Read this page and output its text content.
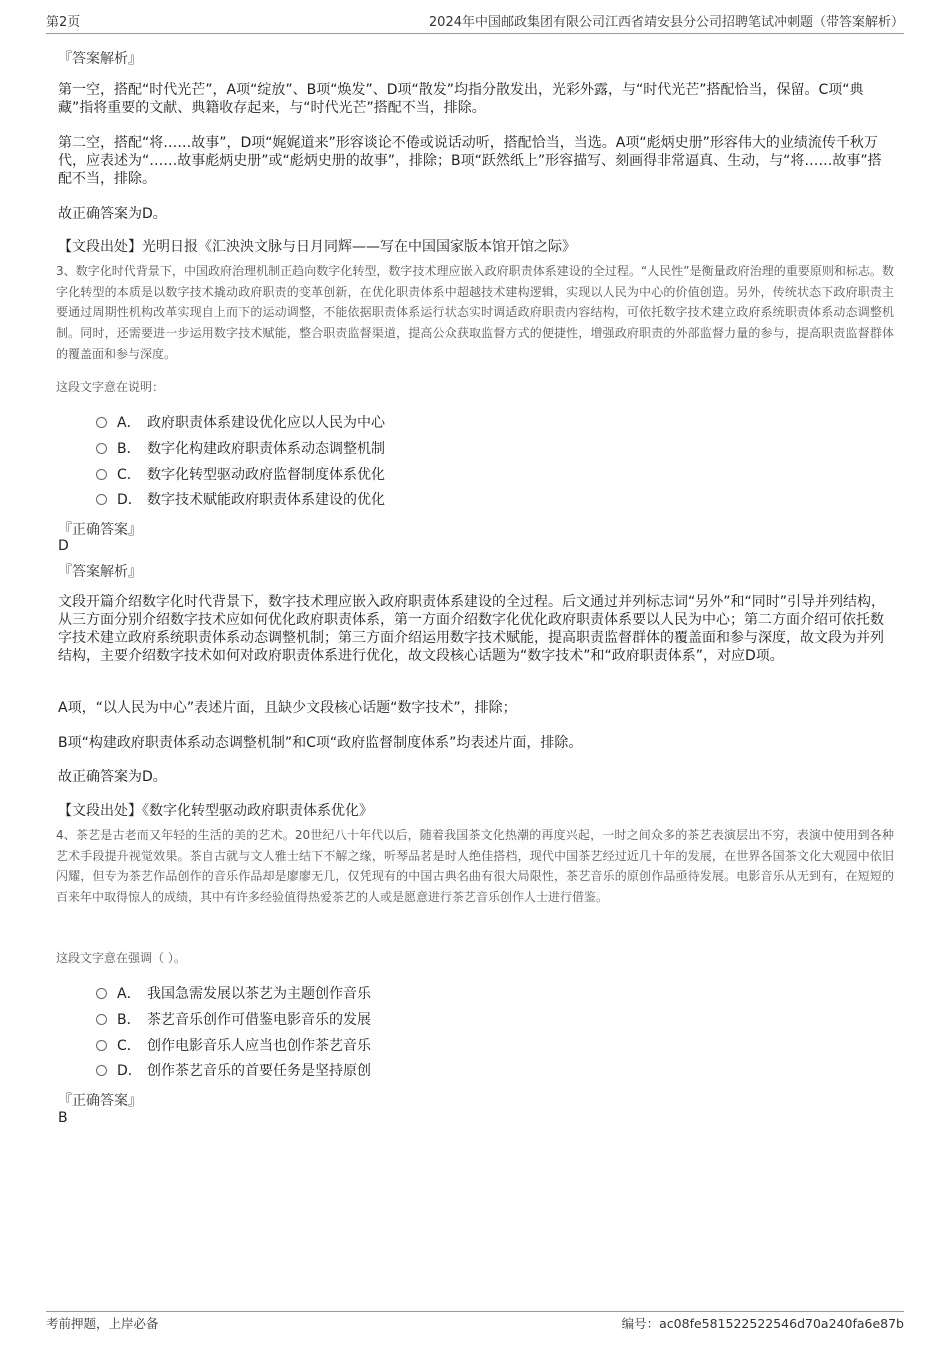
第2页	2024年中国邮政集团有限公司江西省靖安县分公司招聘笔试冲刺题（带答案解析）
『答案解析』
第一空，搭配“时代光芒”，A项“绽放”、B项“焕发”、D项“散发”均指分散发出，光彩外露，与“时代光芒”搭配恰当，保留。C项“典藏”指将重要的文献、典籍收存起来，与“时代光芒”搭配不当，排除。
第二空，搭配“将……故事”，D项“娓娓道来”形容谈论不倦或说话动听，搭配恰当，当选。A项“彪炳史册”形容伟大的业绩流传千秋万代，应表述为“……故事彪炳史册”或“彪炳史册的故事”，排除；B项“跃然纸上”形容描写、刻画得非常逼真、生动，与“将……故事”搭配不当，排除。
故正确答案为D。
【文段出处】光明日报《汇泱泱文脉与日月同辉——写在中国国家版本馆开馆之际》
3、数字化时代背景下，中国政府治理机制正趋向数字化转型，数字技术理应嵌入政府职责体系建设的全过程。“人民性”是衡量政府治理的重要原则和标志。数字化转型的本质是以数字技术撬动政府职责的变革创新，在优化职责体系中超越技术建构逻辑，实现以人民为中心的价值创造。另外，传统状态下政府职责主要通过周期性机构改革实现自上而下的运动调整，不能依据职责体系运行状态实时调适政府职责内容结构，可依托数字技术建立政府系统职责体系动态调整机制。同时，还需要进一步运用数字技术赋能，整合职责监督渠道，提高公众获取监督方式的便捷性，增强政府职责的外部监督力量的参与，提高职责监督群体的覆盖面和参与深度。
这段文字意在说明：
A． 政府职责体系建设优化应以人民为中心
B． 数字化构建政府职责体系动态调整机制
C． 数字化转型驱动政府监督制度体系优化
D． 数字技术赋能政府职责体系建设的优化
『正确答案』
D
『答案解析』
文段开篇介绍数字化时代背景下，数字技术理应嵌入政府职责体系建设的全过程。后文通过并列标志词“另外”和“同时”引导并列结构，从三方面分别介绍数字技术应如何优化政府职责体系，第一方面介绍数字化优化政府职责体系要以人民为中心；第二方面介绍可依托数字技术建立政府系统职责体系动态调整机制；第三方面介绍运用数字技术赋能，提高职责监督群体的覆盖面和参与深度，故文段为并列结构，主要介绍数字技术如何对政府职责体系进行优化，故文段核心话题为“数字技术”和“政府职责体系”，对应D项。
A项，“以人民为中心”表述片面，且缺少文段核心话题“数字技术”，排除；
B项“构建政府职责体系动态调整机制”和C项“政府监督制度体系”均表述片面，排除。
故正确答案为D。
【文段出处】《数字化转型驱动政府职责体系优化》
4、茶艺是古老而又年轻的生活的美的艺术。20世纪八十年代以后，随着我国茶文化热潮的再度兴起，一时之间众多的茶艺表演层出不穷，表演中使用到各种艺术手段提升视觉效果。茶自古就与文人雅士结下不解之缘，听琴品茗是时人绝佳搭档，现代中国茶艺经过近几十年的发展，在世界各国茶文化大观园中依旧闪耀，但专为茶艺作品创作的音乐作品却是廖廖无几，仅凭现有的中国古典名曲有很大局限性，茶艺音乐的原创作品亟待发展。电影音乐从无到有，在短短的百来年中取得惊人的成绩，其中有许多经验值得热爱茶艺的人或是愿意进行茶艺音乐创作人士进行借鉴。
这段文字意在强调（ ）。
A． 我国急需发展以茶艺为主题创作音乐
B． 茶艺音乐创作可借鉴电影音乐的发展
C． 创作电影音乐人应当也创作茶艺音乐
D． 创作茶艺音乐的首要任务是坚持原创
『正确答案』
B
考前押题，上岸必备	编号：ac08fe581522522546d70a240fa6e87b
